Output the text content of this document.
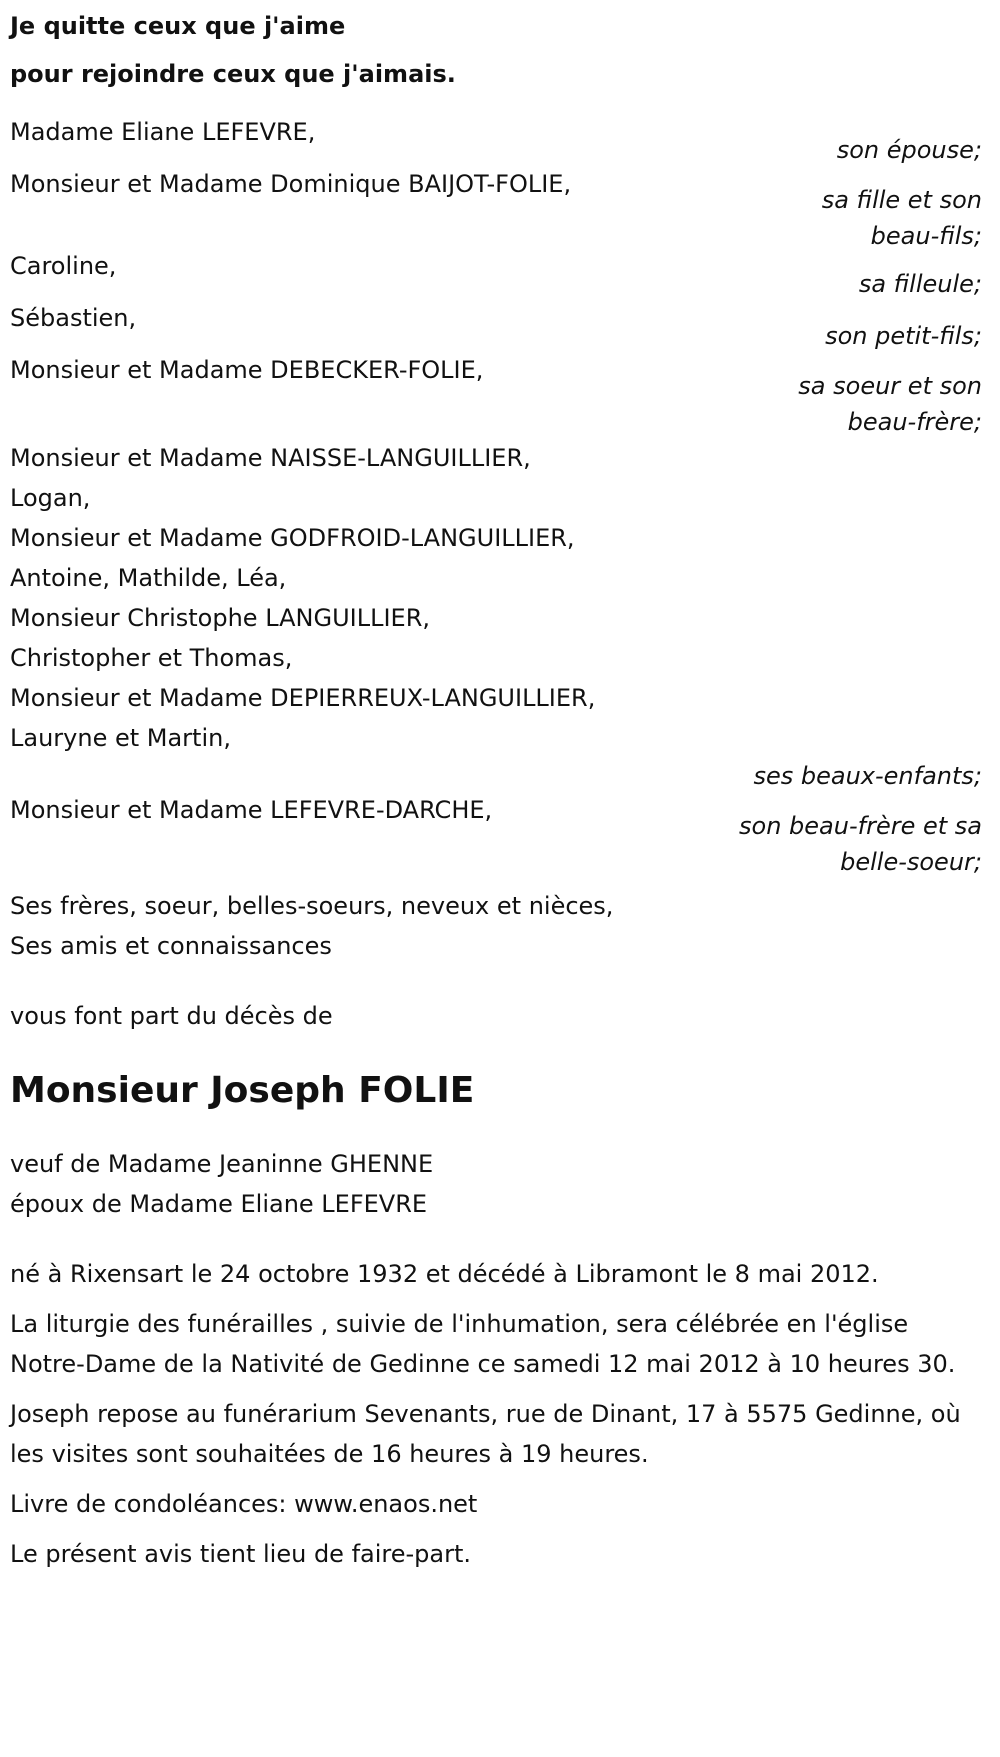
Je quitte ceux que j'aime
pour rejoindre ceux que j'aimais.
Madame Eliane LEFEVRE,
son épouse;
Monsieur et Madame Dominique BAIJOT-FOLIE,
sa fille et son beau-fils;
Caroline,
sa filleule;
Sébastien,
son petit-fils;
Monsieur et Madame DEBECKER-FOLIE,
sa soeur et son beau-frère;
Monsieur et Madame NAISSE-LANGUILLIER,
Logan,
Monsieur et Madame GODFROID-LANGUILLIER,
Antoine, Mathilde, Léa,
Monsieur Christophe LANGUILLIER,
Christopher et Thomas,
Monsieur et Madame DEPIERREUX-LANGUILLIER,
Lauryne et Martin,
ses beaux-enfants;
Monsieur et Madame LEFEVRE-DARCHE,
son beau-frère et sa belle-soeur;
Ses frères, soeur, belles-soeurs, neveux et nièces,
Ses amis et connaissances
vous font part du décès de
Monsieur Joseph FOLIE
veuf de Madame Jeaninne GHENNE
époux de Madame Eliane LEFEVRE

né à Rixensart le 24 octobre 1932 et décédé à Libramont le 8 mai 2012.

La liturgie des funérailles , suivie de l'inhumation, sera célébrée en l'église Notre-Dame de la Nativité de Gedinne ce samedi 12 mai 2012 à 10 heures 30.

Joseph repose au funérarium Sevenants, rue de Dinant, 17 à 5575 Gedinne, où les visites sont souhaitées de 16 heures à 19 heures.

Livre de condoléances: www.enaos.net

Le présent avis tient lieu de faire-part.
